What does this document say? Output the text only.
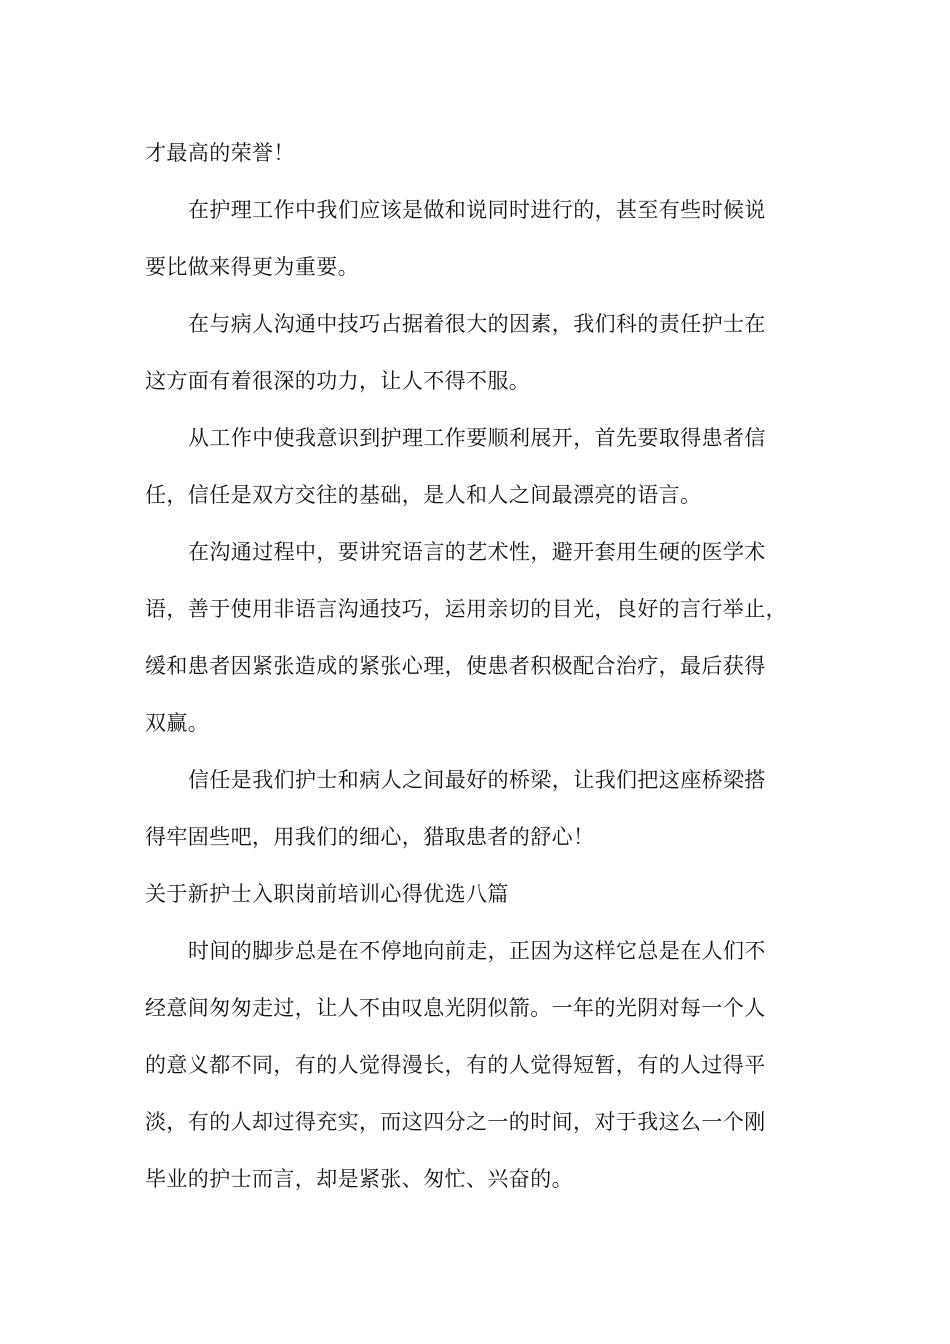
才最高的荣誉！
在护理工作中我们应该是做和说同时进行的，甚至有些时候说
要比做来得更为重要。
在与病人沟通中技巧占据着很大的因素，我们科的责任护士在
这方面有着很深的功力，让人不得不服。
从工作中使我意识到护理工作要顺利展开，首先要取得患者信
任，信任是双方交往的基础，是人和人之间最漂亮的语言。
在沟通过程中，要讲究语言的艺术性，避开套用生硬的医学术
语，善于使用非语言沟通技巧，运用亲切的目光，良好的言行举止，
缓和患者因紧张造成的紧张心理，使患者积极配合治疗，最后获得
双赢。
信任是我们护士和病人之间最好的桥梁，让我们把这座桥梁搭
得牢固些吧，用我们的细心，猎取患者的舒心！
关于新护士入职岗前培训心得优选八篇
时间的脚步总是在不停地向前走，正因为这样它总是在人们不
经意间匆匆走过，让人不由叹息光阴似箭。一年的光阴对每一个人
的意义都不同，有的人觉得漫长，有的人觉得短暂，有的人过得平
淡，有的人却过得充实，而这四分之一的时间，对于我这么一个刚
毕业的护士而言，却是紧张、匆忙、兴奋的。
